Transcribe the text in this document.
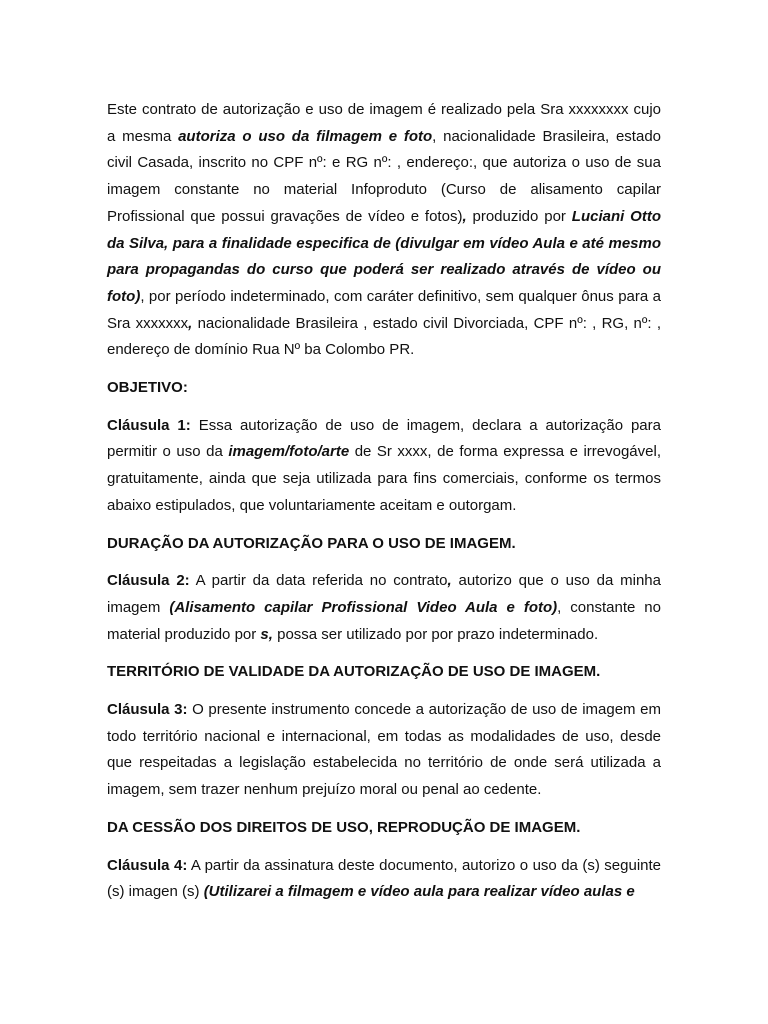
Este contrato de autorização e uso de imagem é realizado pela Sra xxxxxxxx cujo a mesma autoriza o uso da filmagem e foto, nacionalidade Brasileira, estado civil Casada, inscrito no CPF nº: e RG nº: , endereço:, que autoriza o uso de sua imagem constante no material Infoproduto (Curso de alisamento capilar Profissional que possui gravações de vídeo e fotos), produzido por Luciani Otto da Silva, para a finalidade especifica de (divulgar em vídeo Aula e até mesmo para propagandas do curso que poderá ser realizado através de vídeo ou foto), por período indeterminado, com caráter definitivo, sem qualquer ônus para a Sra xxxxxxx, nacionalidade Brasileira , estado civil Divorciada, CPF nº: , RG, nº: , endereço de domínio Rua Nº ba Colombo PR.

OBJETIVO:

Cláusula 1: Essa autorização de uso de imagem, declara a autorização para permitir o uso da imagem/foto/arte de Sr xxxx, de forma expressa e irrevogável, gratuitamente, ainda que seja utilizada para fins comerciais, conforme os termos abaixo estipulados, que voluntariamente aceitam e outorgam.

DURAÇÃO DA AUTORIZAÇÃO PARA O USO DE IMAGEM.

Cláusula 2: A partir da data referida no contrato, autorizo que o uso da minha imagem (Alisamento capilar Profissional Video Aula e foto), constante no material produzido por s, possa ser utilizado por por prazo indeterminado.

TERRITÓRIO DE VALIDADE DA AUTORIZAÇÃO DE USO DE IMAGEM.

Cláusula 3: O presente instrumento concede a autorização de uso de imagem em todo território nacional e internacional, em todas as modalidades de uso, desde que respeitadas a legislação estabelecida no território de onde será utilizada a imagem, sem trazer nenhum prejuízo moral ou penal ao cedente.

DA CESSÃO DOS DIREITOS DE USO, REPRODUÇÃO DE IMAGEM.

Cláusula 4: A partir da assinatura deste documento, autorizo o uso da (s) seguinte (s) imagen (s) (Utilizarei a filmagem e vídeo aula para realizar vídeo aulas e
